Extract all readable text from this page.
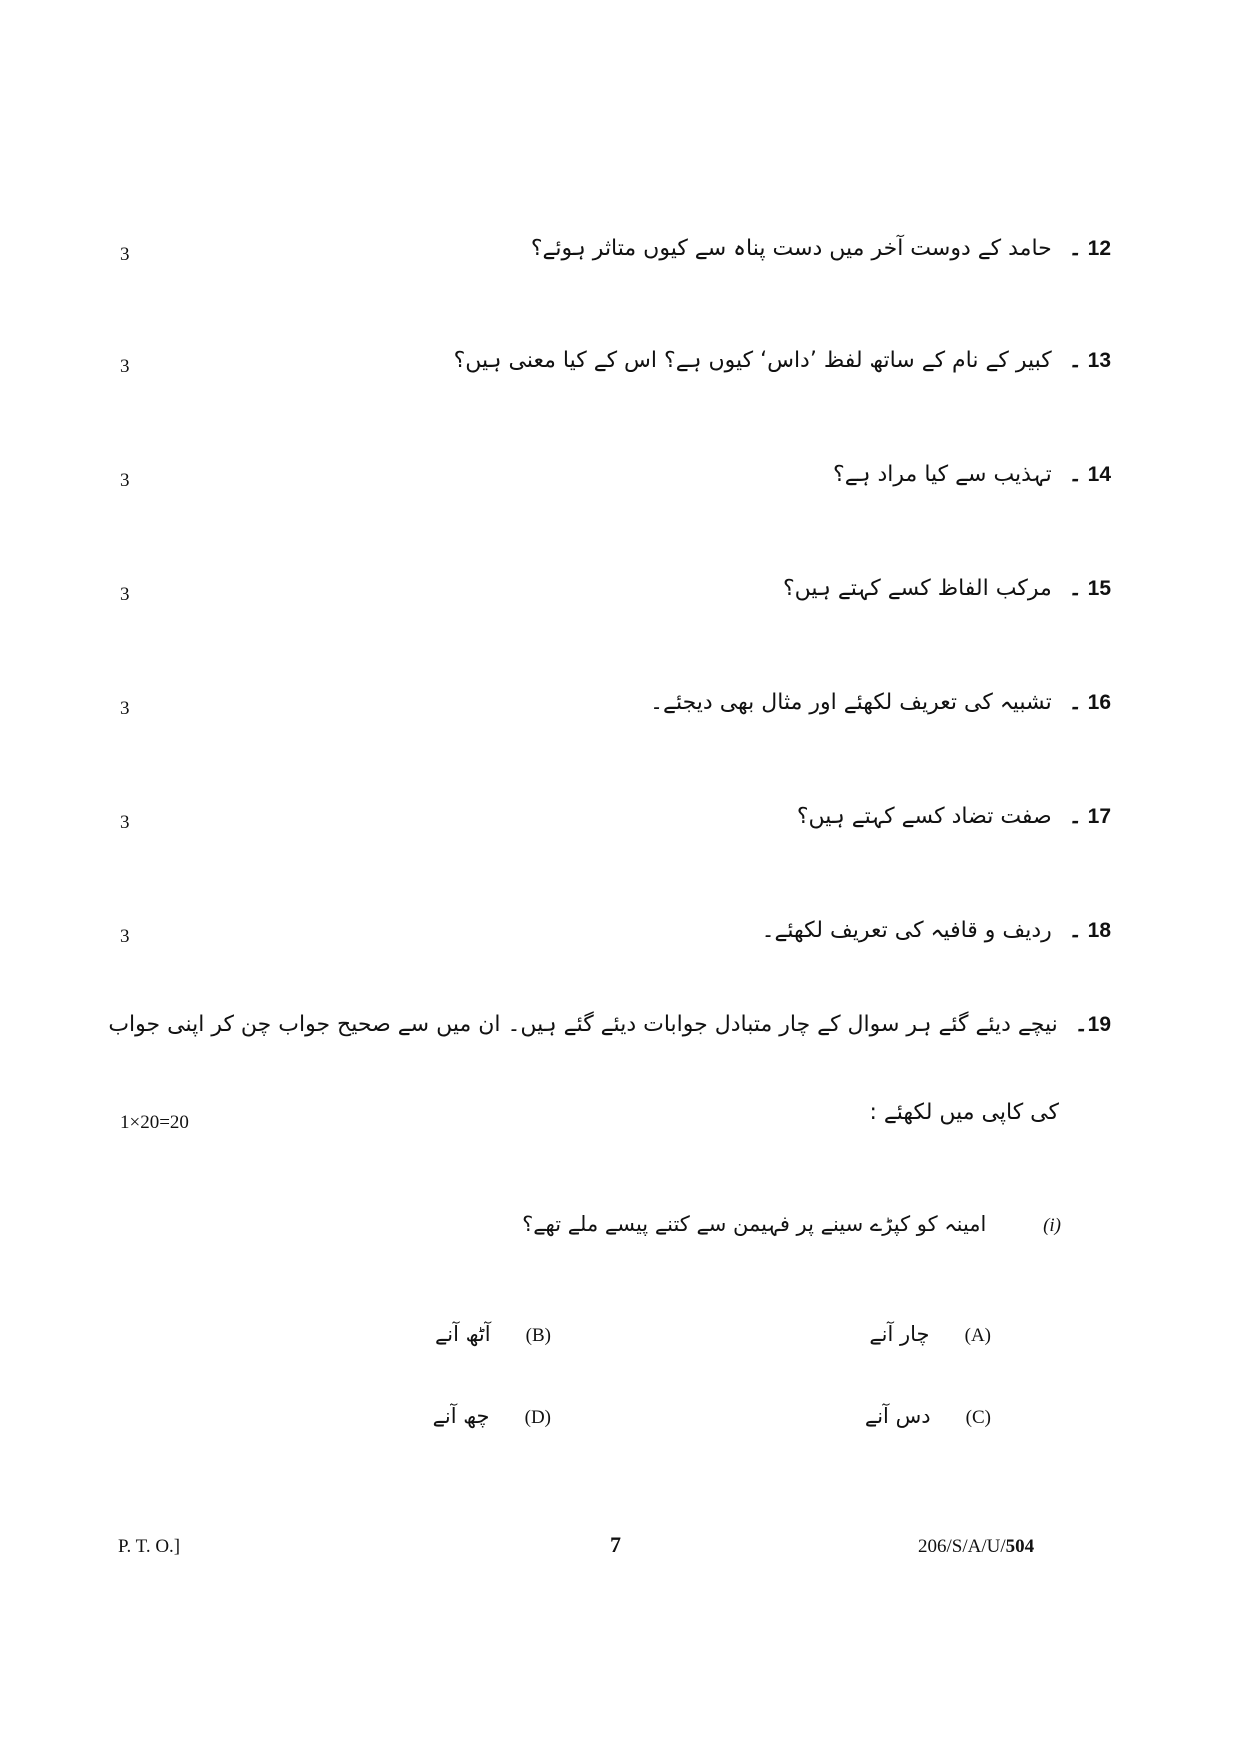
3	12۔ حامد کے دوست آخر میں دست پناہ سے کیوں متاثر ہوئے؟
3	13۔ کبیر کے نام کے ساتھ لفظ ’داس‘ کیوں ہے؟ اس کے کیا معنی ہیں؟
3	14۔ تہذیب سے کیا مراد ہے؟
3	15۔ مرکب الفاظ کسے کہتے ہیں؟
3	16۔ تشبیہ کی تعریف لکھئے اور مثال بھی دیجئے۔
3	17۔ صفت تضاد کسے کہتے ہیں؟
3	18۔ ردیف و قافیہ کی تعریف لکھئے۔
19۔ نیچے دیئے گئے ہر سوال کے چار متبادل جوابات دیئے گئے ہیں۔ ان میں سے صحیح جواب چن کر اپنی جواب
کی کاپی میں لکھئے :
1×20=20
(i) امینہ کو کپڑے سینے پر فہیمن سے کتنے پیسے ملے تھے؟
(A) چار آنے
(B) آٹھ آنے
(C) دس آنے
(D) چھ آنے
P. T. O.]	7	206/S/A/U/504
